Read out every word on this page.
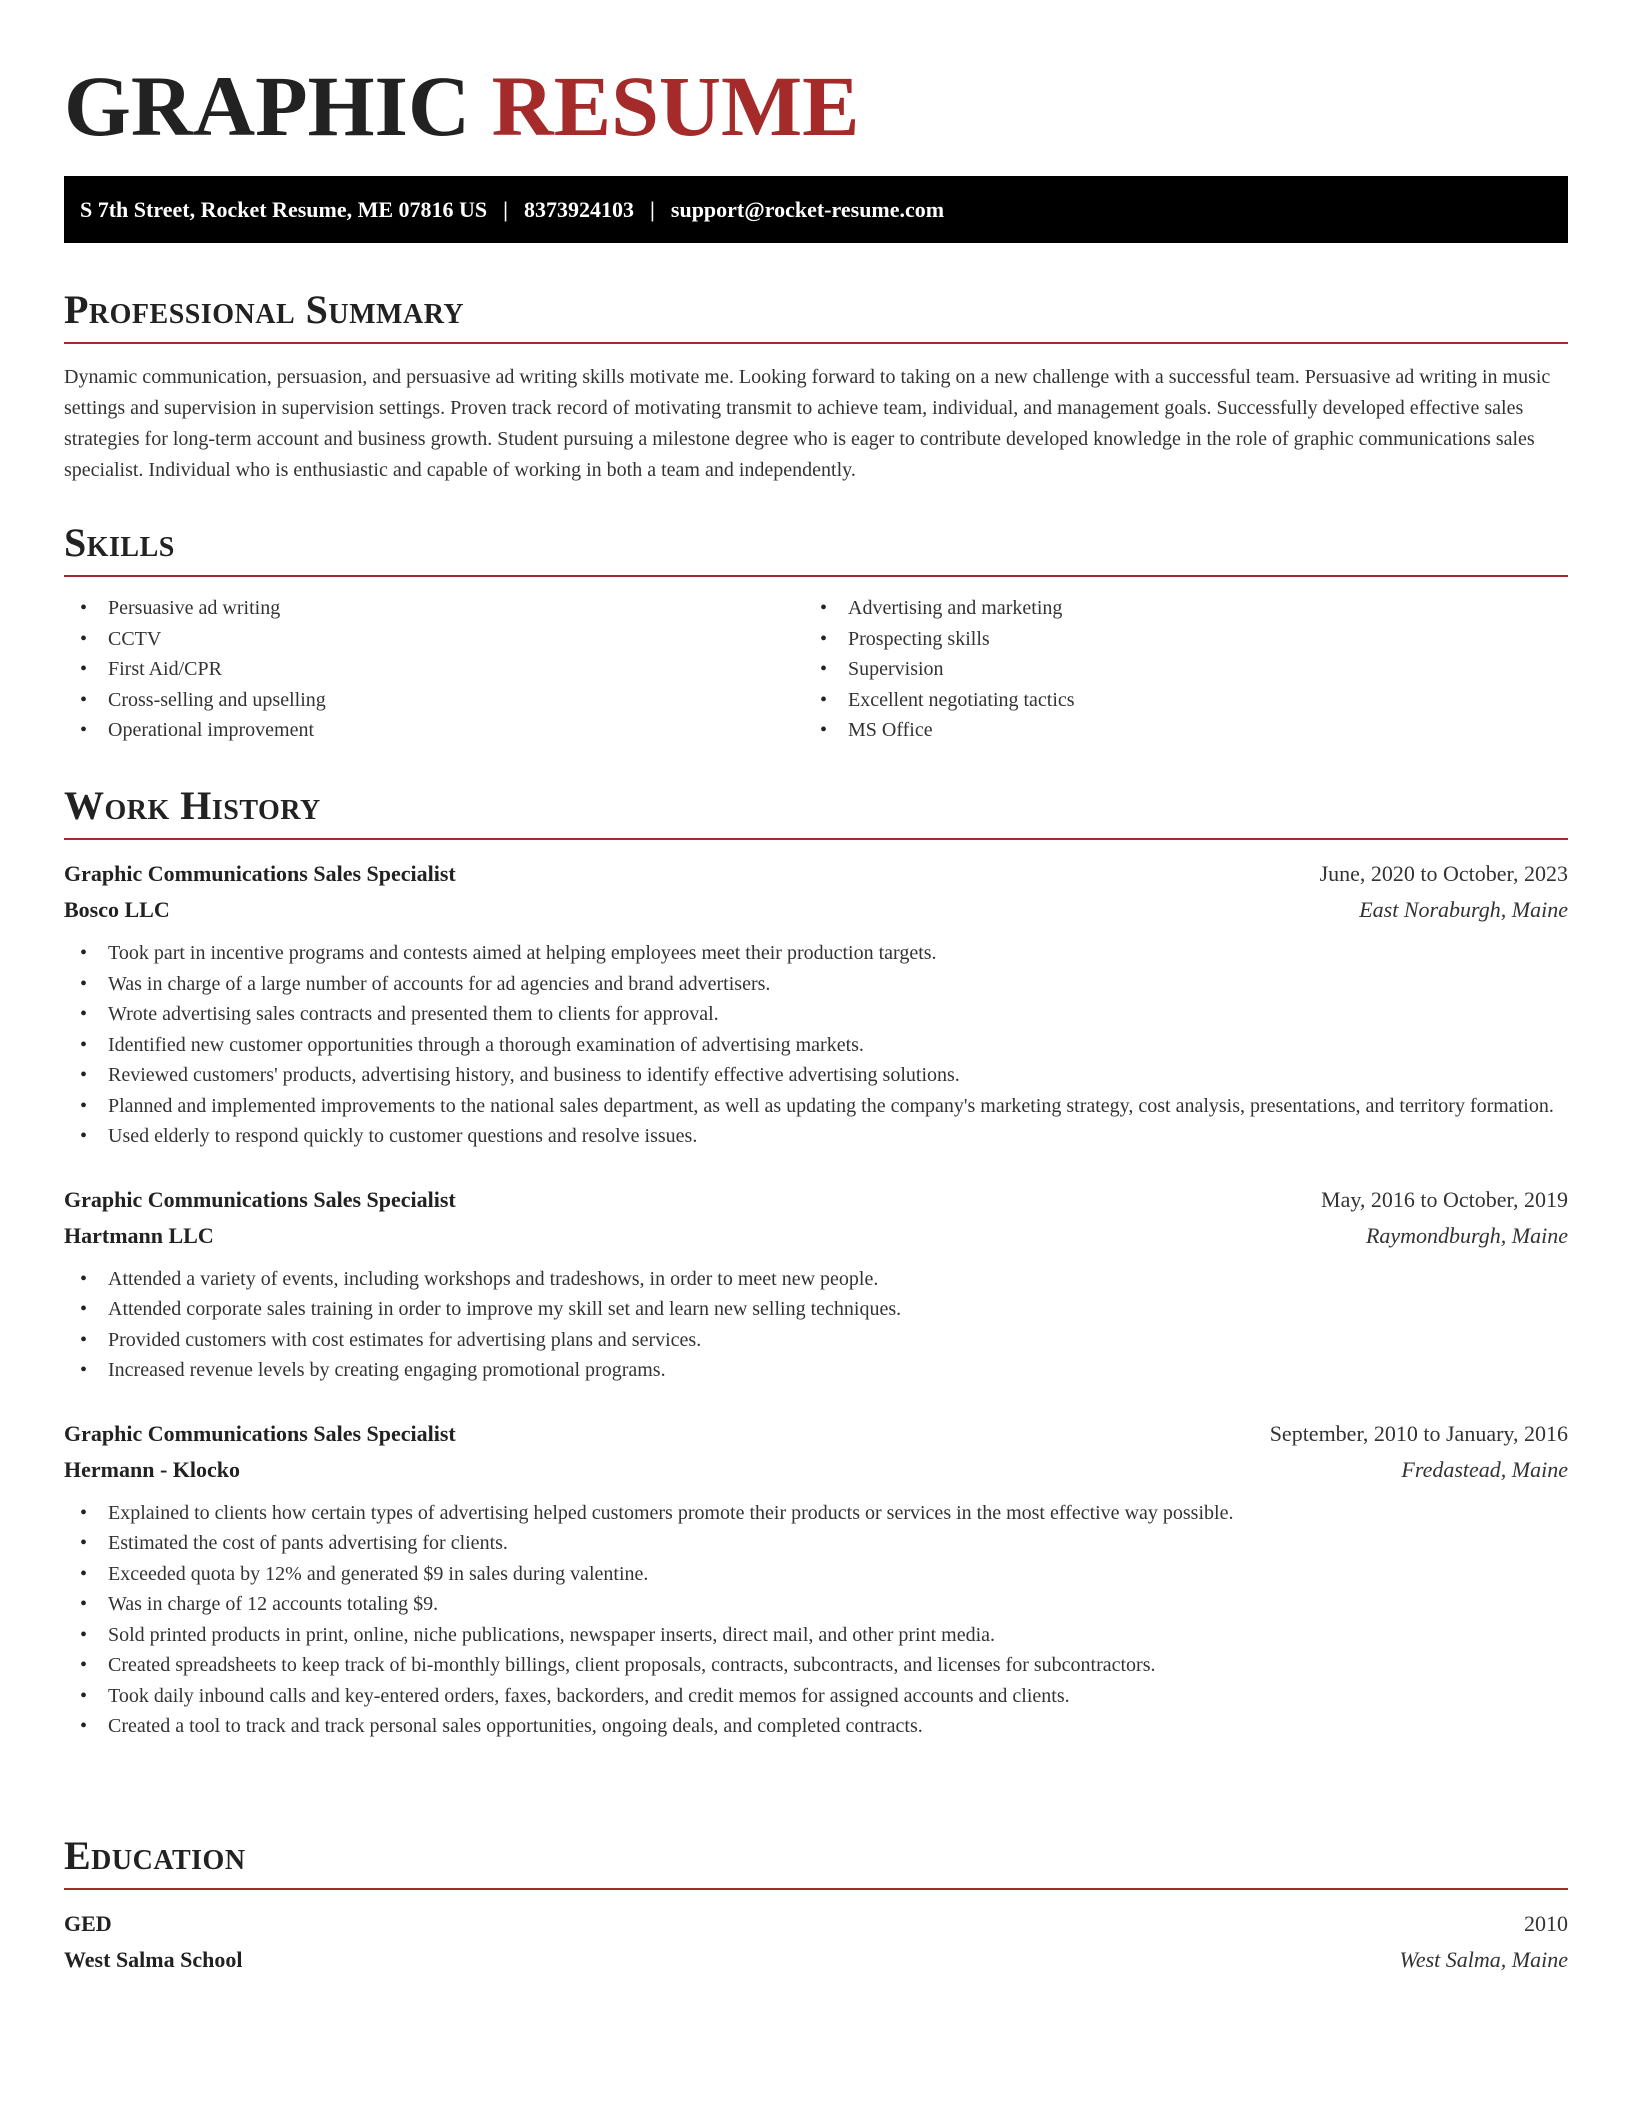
GRAPHIC RESUME
S 7th Street, Rocket Resume, ME 07816 US | 8373924103 | support@rocket-resume.com
Professional Summary

Dynamic communication, persuasion, and persuasive ad writing skills motivate me. Looking forward to taking on a new challenge with a successful team. Persuasive ad writing in music settings and supervision in supervision settings. Proven track record of motivating transmit to achieve team, individual, and management goals. Successfully developed effective sales strategies for long-term account and business growth. Student pursuing a milestone degree who is eager to contribute developed knowledge in the role of graphic communications sales specialist. Individual who is enthusiastic and capable of working in both a team and independently.

Skills
• Persuasive ad writing
• CCTV
• First Aid/CPR
• Cross-selling and upselling
• Operational improvement
• Advertising and marketing
• Prospecting skills
• Supervision
• Excellent negotiating tactics
• MS Office
Work History
Graphic Communications Sales Specialist	June, 2020 to October, 2023
Bosco LLC	East Noraburgh, Maine
• Took part in incentive programs and contests aimed at helping employees meet their production targets.
• Was in charge of a large number of accounts for ad agencies and brand advertisers.
• Wrote advertising sales contracts and presented them to clients for approval.
• Identified new customer opportunities through a thorough examination of advertising markets.
• Reviewed customers' products, advertising history, and business to identify effective advertising solutions.
• Planned and implemented improvements to the national sales department, as well as updating the company's marketing strategy, cost analysis, presentations, and territory formation.
• Used elderly to respond quickly to customer questions and resolve issues.
Graphic Communications Sales Specialist	May, 2016 to October, 2019
Hartmann LLC	Raymondburgh, Maine
• Attended a variety of events, including workshops and tradeshows, in order to meet new people.
• Attended corporate sales training in order to improve my skill set and learn new selling techniques.
• Provided customers with cost estimates for advertising plans and services.
• Increased revenue levels by creating engaging promotional programs.
Graphic Communications Sales Specialist	September, 2010 to January, 2016
Hermann - Klocko	Fredastead, Maine
• Explained to clients how certain types of advertising helped customers promote their products or services in the most effective way possible.
• Estimated the cost of pants advertising for clients.
• Exceeded quota by 12% and generated $9 in sales during valentine.
• Was in charge of 12 accounts totaling $9.
• Sold printed products in print, online, niche publications, newspaper inserts, direct mail, and other print media.
• Created spreadsheets to keep track of bi-monthly billings, client proposals, contracts, subcontracts, and licenses for subcontractors.
• Took daily inbound calls and key-entered orders, faxes, backorders, and credit memos for assigned accounts and clients.
• Created a tool to track and track personal sales opportunities, ongoing deals, and completed contracts.
Education
GED	2010
West Salma School	West Salma, Maine
